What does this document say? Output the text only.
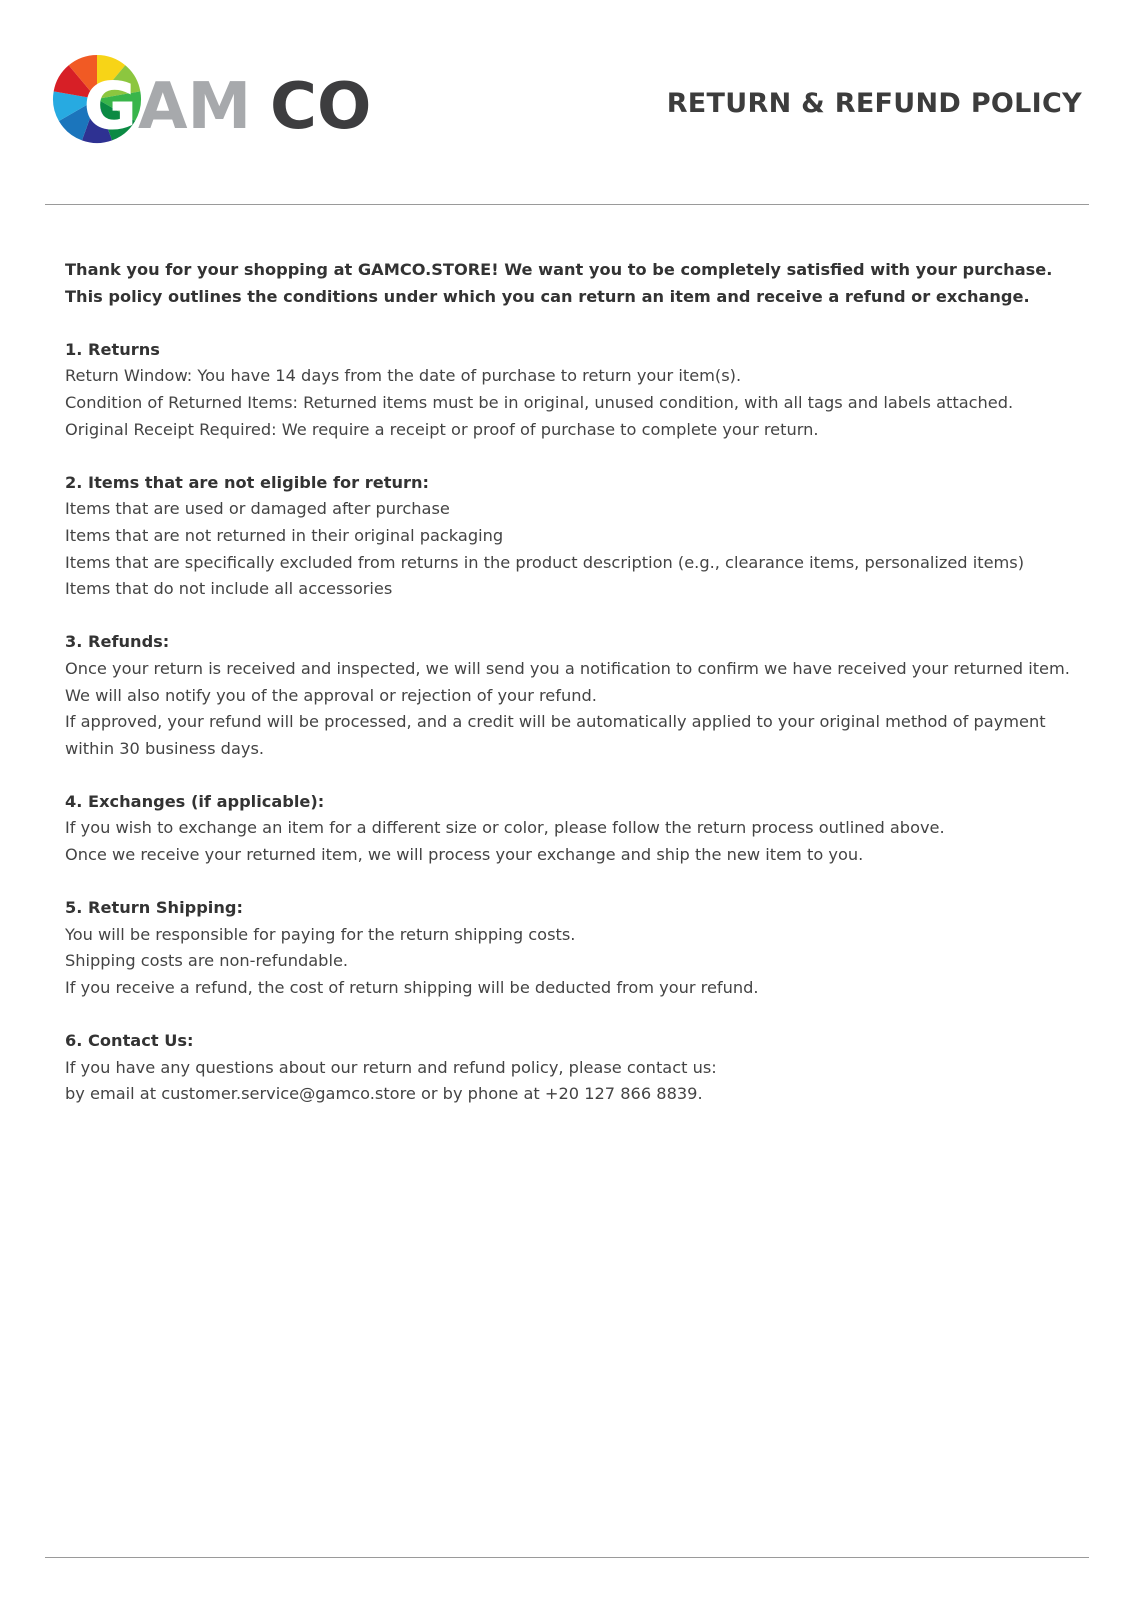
G AM CO	RETURN & REFUND POLICY

Thank you for your shopping at GAMCO.STORE! We want you to be completely satisfied with your purchase.

This policy outlines the conditions under which you can return an item and receive a refund or exchange.

1. Returns

Return Window: You have 14 days from the date of purchase to return your item(s).

Condition of Returned Items: Returned items must be in original, unused condition, with all tags and labels attached.

Original Receipt Required: We require a receipt or proof of purchase to complete your return.

2. Items that are not eligible for return:

Items that are used or damaged after purchase

Items that are not returned in their original packaging

Items that are specifically excluded from returns in the product description (e.g., clearance items, personalized items)

Items that do not include all accessories

3. Refunds:

Once your return is received and inspected, we will send you a notification to confirm we have received your returned item.

We will also notify you of the approval or rejection of your refund.

If approved, your refund will be processed, and a credit will be automatically applied to your original method of payment

within 30 business days.

4. Exchanges (if applicable):

If you wish to exchange an item for a different size or color, please follow the return process outlined above.

Once we receive your returned item, we will process your exchange and ship the new item to you.

5. Return Shipping:

You will be responsible for paying for the return shipping costs.

Shipping costs are non-refundable.

If you receive a refund, the cost of return shipping will be deducted from your refund.

6. Contact Us:

If you have any questions about our return and refund policy, please contact us:

by email at customer.service@gamco.store or by phone at +20 127 866 8839.
